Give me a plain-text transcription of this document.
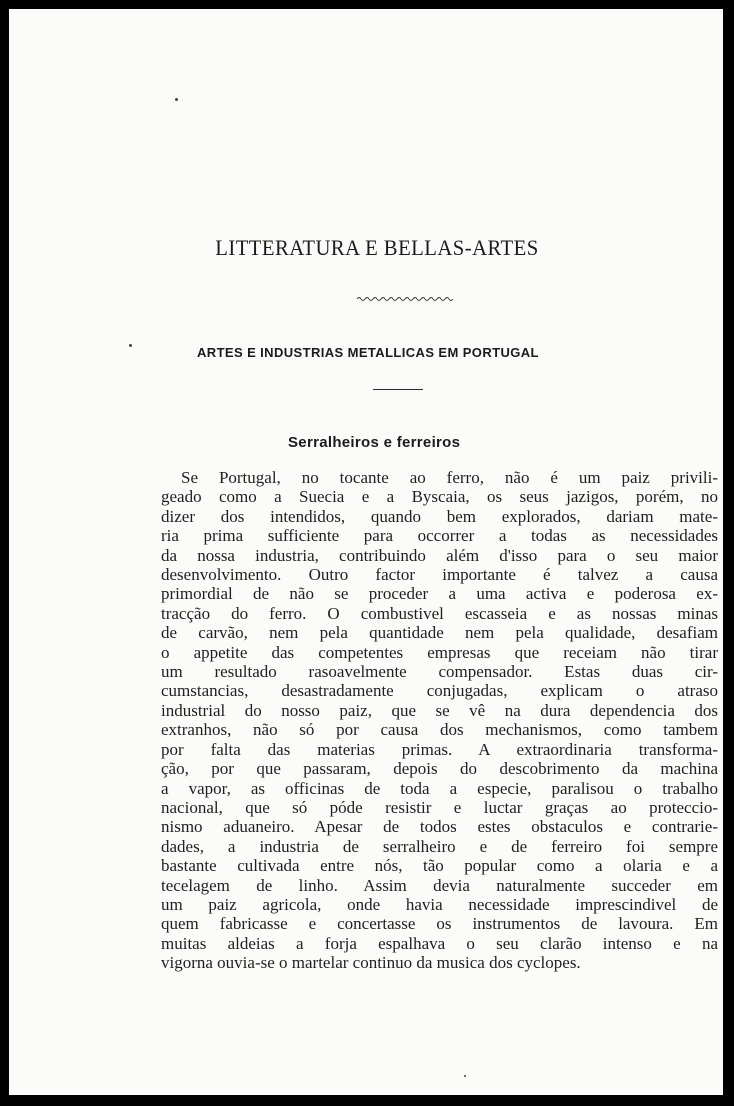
LITTERATURA E BELLAS-ARTES
ARTES E INDUSTRIAS METALLICAS EM PORTUGAL
Serralheiros e ferreiros
Se Portugal, no tocante ao ferro, não é um paiz privili-
geado como a Suecia e a Byscaia, os seus jazigos, porém, no
dizer dos intendidos, quando bem explorados, dariam mate-
ria prima sufficiente para occorrer a todas as necessidades
da nossa industria, contribuindo além d'isso para o seu maior
desenvolvimento. Outro factor importante é talvez a causa
primordial de não se proceder a uma activa e poderosa ex-
tracção do ferro. O combustivel escasseia e as nossas minas
de carvão, nem pela quantidade nem pela qualidade, desafiam
o appetite das competentes empresas que receiam não tirar
um resultado rasoavelmente compensador. Estas duas cir-
cumstancias, desastradamente conjugadas, explicam o atraso
industrial do nosso paiz, que se vê na dura dependencia dos
extranhos, não só por causa dos mechanismos, como tambem
por falta das materias primas. A extraordinaria transforma-
ção, por que passaram, depois do descobrimento da machina
a vapor, as officinas de toda a especie, paralisou o trabalho
nacional, que só póde resistir e luctar graças ao proteccio-
nismo aduaneiro. Apesar de todos estes obstaculos e contrarie-
dades, a industria de serralheiro e de ferreiro foi sempre
bastante cultivada entre nós, tão popular como a olaria e a
tecelagem de linho. Assim devia naturalmente succeder em
um paiz agricola, onde havia necessidade imprescindivel de
quem fabricasse e concertasse os instrumentos de lavoura. Em
muitas aldeias a forja espalhava o seu clarão intenso e na
vigorna ouvia-se o martelar continuo da musica dos cyclopes.
